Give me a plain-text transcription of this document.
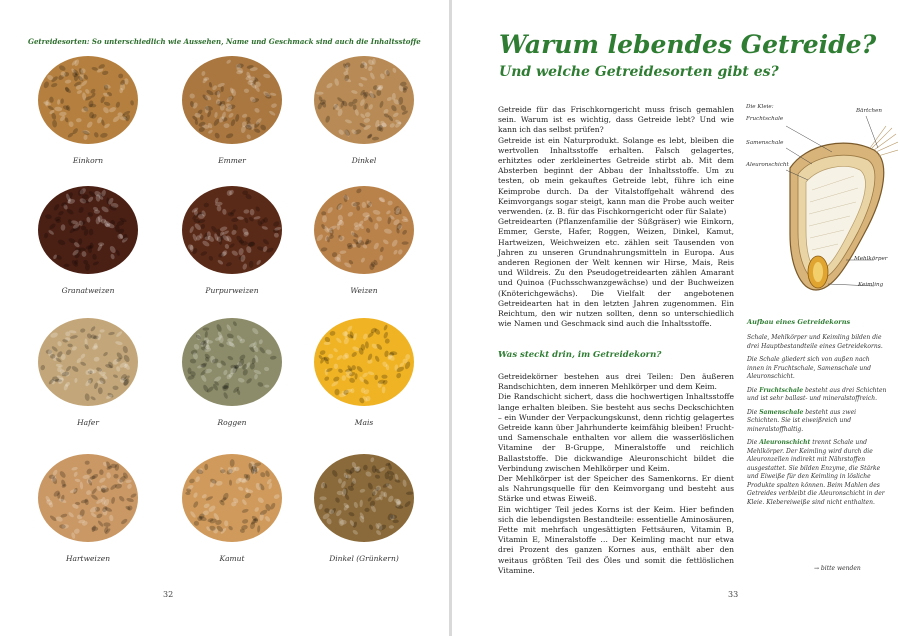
Getreidesorten: So unterschiedlich wie Aussehen, Name und Geschmack sind auch die Inhaltsstoffe
Einkorn	Emmer	Dinkel
Granatweizen	Purpurweizen	Weizen
Hafer	Roggen	Mais
Hartweizen	Kamut	Dinkel (Grünkern)
32
Warum lebendes Getreide?
Und welche Getreidesorten gibt es?

Getreide für das Frischkorngericht muss frisch gemahlen sein. Warum ist es wichtig, dass Getreide lebt? Und wie kann ich das selbst prüfen?

Getreide ist ein Naturprodukt. Solange es lebt, bleiben die wertvollen Inhaltsstoffe erhalten. Falsch gelagertes, erhitztes oder zerkleinertes Getreide stirbt ab. Mit dem Absterben beginnt der Abbau der Inhaltsstoffe. Um zu testen, ob mein gekauftes Getreide lebt, führe ich eine Keimprobe durch. Da der Vitalstoffgehalt während des Keimvorgangs sogar steigt, kann man die Probe auch weiter verwenden. (z. B. für das Fischkorngericht oder für Salate)

Getreidearten (Pflanzenfamilie der Süßgräser) wie Einkorn, Emmer, Gerste, Hafer, Roggen, Weizen, Dinkel, Kamut, Hartweizen, Weichweizen etc. zählen seit Tausenden von Jahren zu unseren Grundnahrungsmitteln in Europa. Aus anderen Regionen der Welt kennen wir Hirse, Mais, Reis und Wildreis. Zu den Pseudogetreidearten zählen Amarant und Quinoa (Fuchsschwanzgewächse) und der Buchweizen (Knöterichgewächs). Die Vielfalt der angebotenen Getreidearten hat in den letzten Jahren zugenommen. Ein Reichtum, den wir nutzen sollten, denn so unterschiedlich wie Namen und Geschmack sind auch die Inhaltsstoffe.

Was steckt drin, im Getreidekorn?

Getreidekörner bestehen aus drei Teilen: Den äußeren Randschichten, dem inneren Mehlkörper und dem Keim.

Die Randschicht sichert, dass die hochwertigen Inhaltsstoffe lange erhalten bleiben. Sie besteht aus sechs Deckschichten – ein Wunder der Verpackungskunst, denn richtig gelagertes Getreide kann über Jahrhunderte keimfähig bleiben! Frucht- und Samenschale enthalten vor allem die wasserlöslichen Vitamine der B-Gruppe, Mineralstoffe und reichlich Ballaststoffe. Die dickwandige Aleuronschicht bildet die Verbindung zwischen Mehlkörper und Keim.

Der Mehlkörper ist der Speicher des Samenkorns. Er dient als Nahrungsquelle für den Keimvorgang und besteht aus Stärke und etwas Eiweiß.

Ein wichtiger Teil jedes Korns ist der Keim. Hier befinden sich die lebendigsten Bestandteile: essentielle Aminosäuren, Fette mit mehrfach ungesättigten Fettsäuren, Vitamin B, Vitamin E, Mineralstoffe … Der Keimling macht nur etwa drei Prozent des ganzen Kornes aus, enthält aber den weitaus größten Teil des Öles und somit die fettlöslichen Vitamine.

Die Kleie:
Fruchtschale
Samenschale
Aleuronschicht
Bärtchen
Mehlkörper
Keimling
Aufbau eines Getreidekorns

Schale, Mehlkörper und Keimling bilden die drei Hauptbestandteile eines Getreidekorns.

Die Schale gliedert sich von außen nach innen in Fruchtschale, Samenschale und Aleuronschicht.

Die Fruchtschale besteht aus drei Schichten und ist sehr ballast- und mineralstoffreich.

Die Samenschale besteht aus zwei Schichten. Sie ist eiweißreich und mineralstoffhaltig.

Die Aleuronschicht trennt Schale und Mehlkörper. Der Keimling wird durch die Aleuronzellen indirekt mit Nährstoffen ausgestattet. Sie bilden Enzyme, die Stärke und Eiweiße für den Keimling in lösliche Produkte spalten können. Beim Mahlen des Getreides verbleibt die Aleuronschicht in der Kleie. Klebereiweiße sind nicht enthalten.

→ bitte wenden
33
